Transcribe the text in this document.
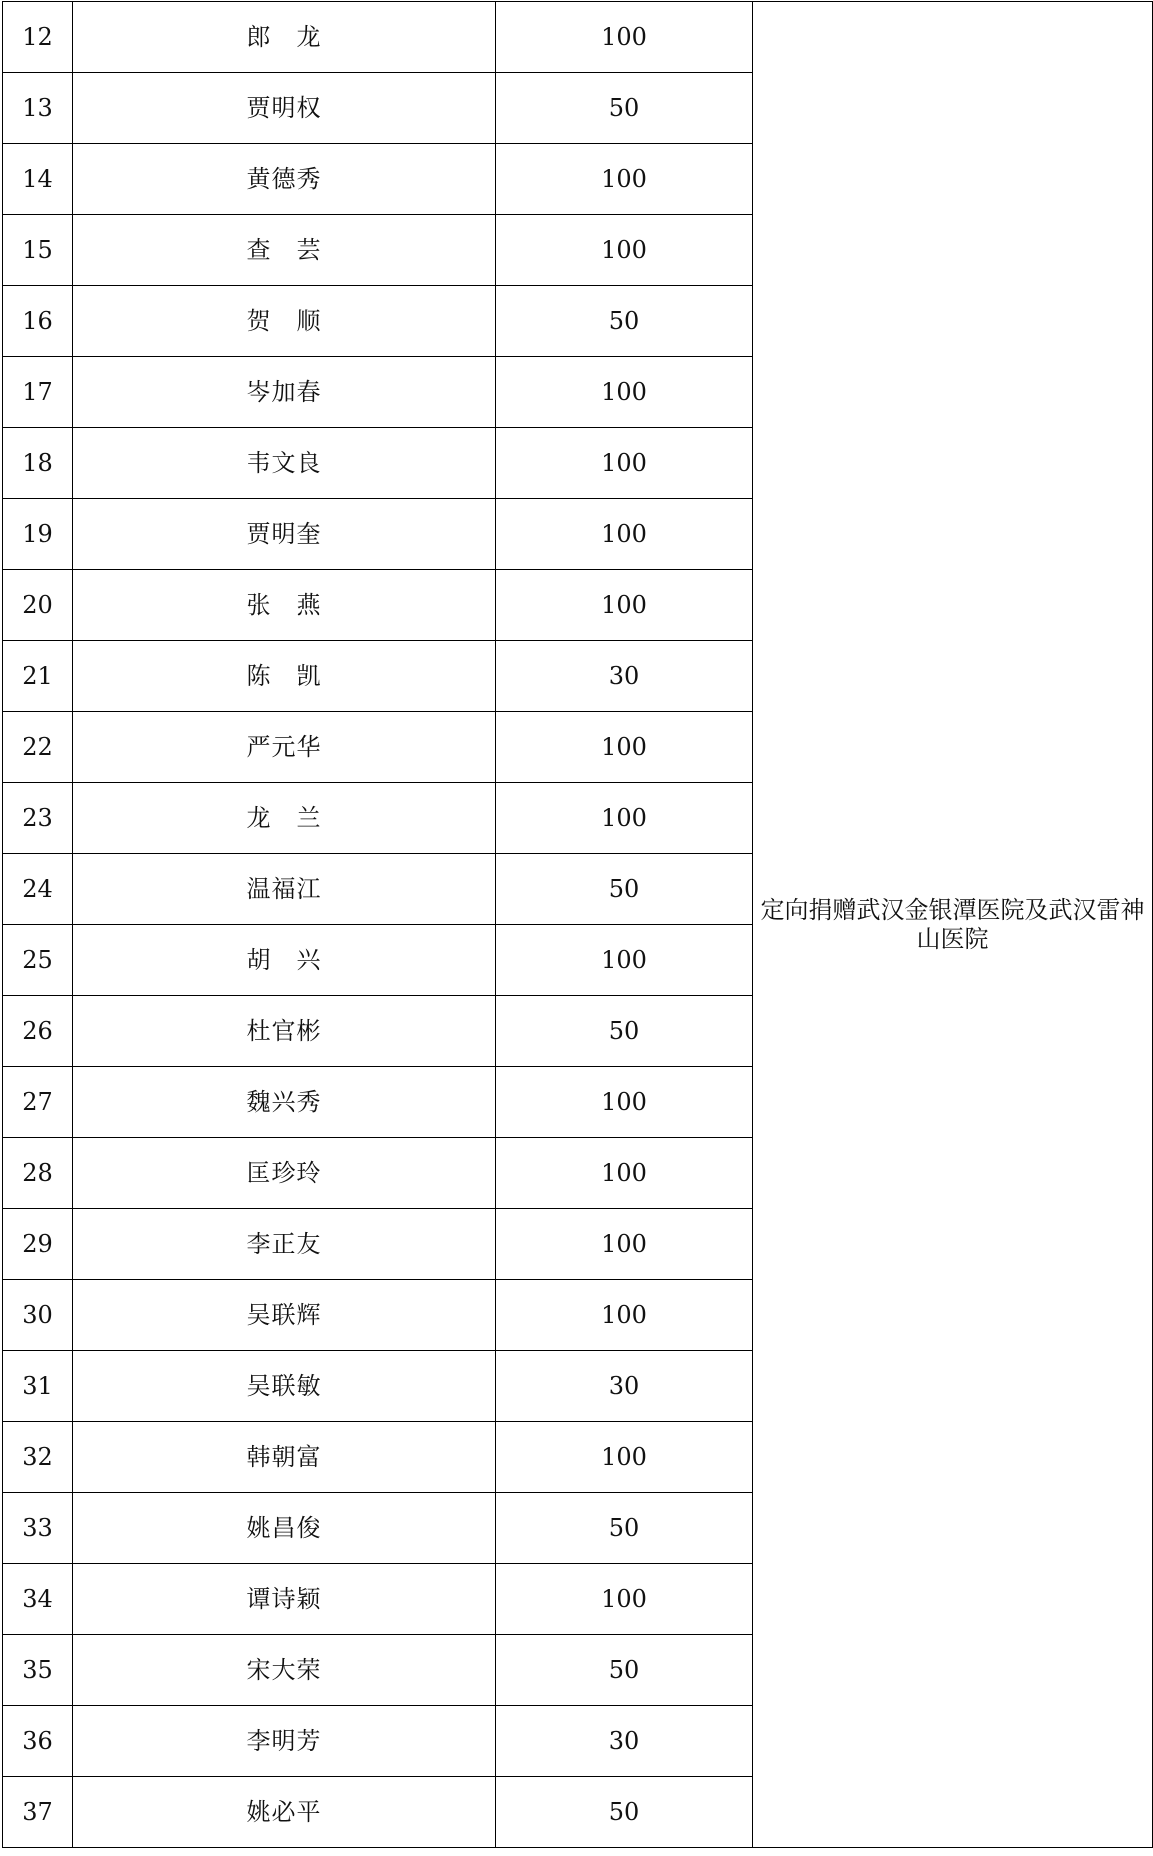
12	郎　龙	100	定向捐赠武汉金银潭医院及武汉雷神山医院
13	贾明权	50	
14	黄德秀	100	
15	查　芸	100	
16	贺　顺	50	
17	岑加春	100	
18	韦文良	100	
19	贾明奎	100	
20	张　燕	100	
21	陈　凯	30	
22	严元华	100	
23	龙　兰	100	
24	温福江	50	
25	胡　兴	100	
26	杜官彬	50	
27	魏兴秀	100	
28	匡珍玲	100	
29	李正友	100	
30	吴联辉	100	
31	吴联敏	30	
32	韩朝富	100	
33	姚昌俊	50	
34	谭诗颖	100	
35	宋大荣	50	
36	李明芳	30	
37	姚必平	50	
